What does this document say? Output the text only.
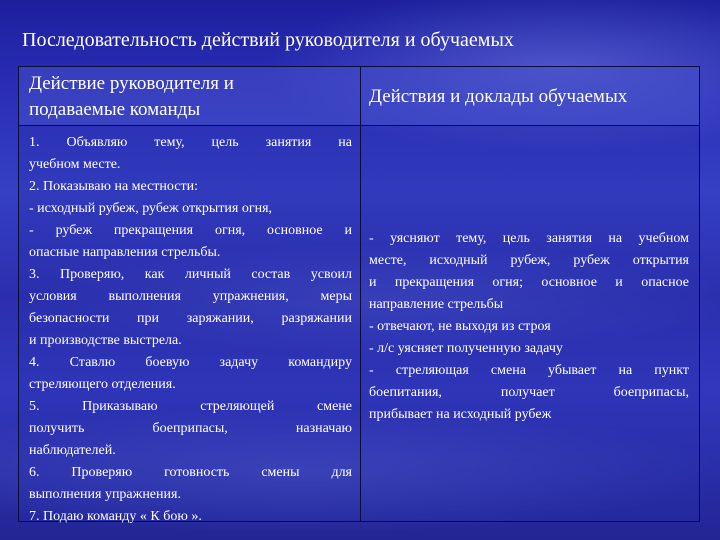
Последовательность действий руководителя и обучаемых
Действие руководителя и
подаваемые команды
Действия и доклады обучаемых
1. Объявляю тему, цель занятия на
учебном месте.
2. Показываю на местности:
- исходный рубеж, рубеж открытия огня,
- рубеж прекращения огня, основное и
опасные направления стрельбы.
3. Проверяю, как личный состав усвоил
условия выполнения упражнения, меры
безопасности при заряжании, разряжании
и производстве выстрела.
4. Ставлю боевую задачу командиру
стреляющего отделения.
5. Приказываю стреляющей смене
получить боеприпасы, назначаю
наблюдателей.
6. Проверяю готовность смены для
выполнения упражнения.
7. Подаю команду « К бою ».
- уясняют тему, цель занятия на учебном
месте, исходный рубеж, рубеж открытия
и прекращения огня; основное и опасное
направление стрельбы
- отвечают, не выходя из строя
- л/с уясняет полученную задачу
- стреляющая смена убывает на пункт
боепитания, получает боеприпасы,
прибывает на исходный рубеж
